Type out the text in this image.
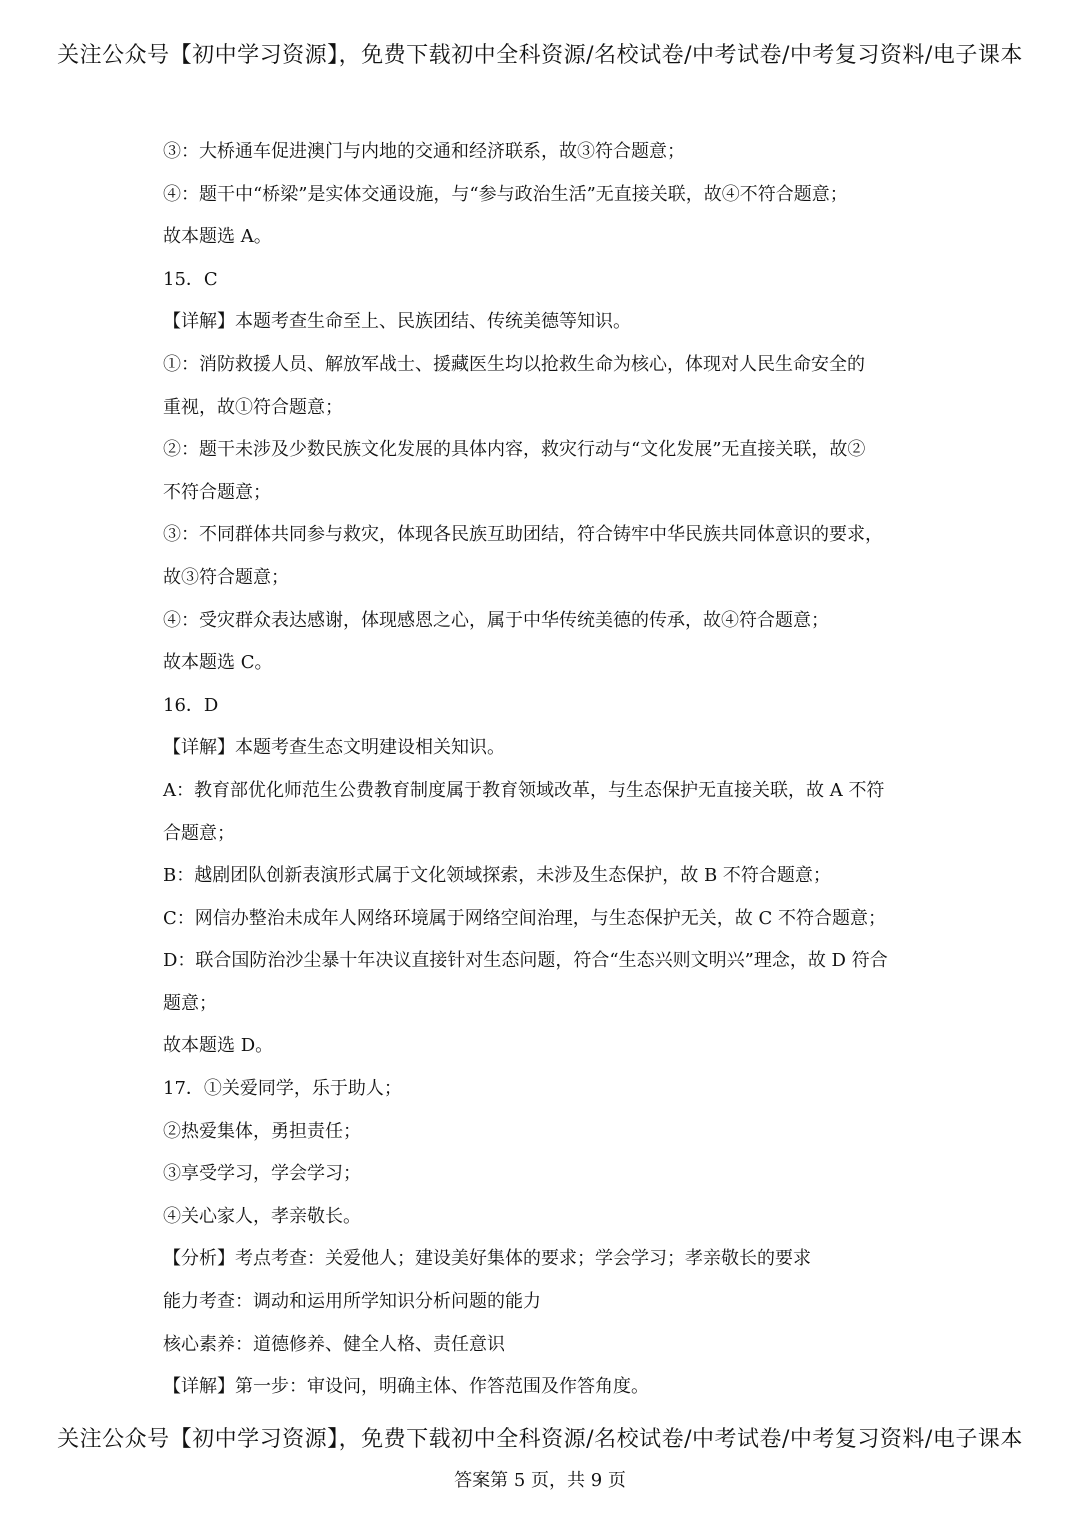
关注公众号【初中学习资源】，免费下载初中全科资源/名校试卷/中考试卷/中考复习资料/电子课本
③：大桥通车促进澳门与内地的交通和经济联系，故③符合题意；
④：题干中“桥梁”是实体交通设施，与“参与政治生活”无直接关联，故④不符合题意；
故本题选 A。
15．C
【详解】本题考查生命至上、民族团结、传统美德等知识。
①：消防救援人员、解放军战士、援藏医生均以抢救生命为核心，体现对人民生命安全的
重视，故①符合题意；
②：题干未涉及少数民族文化发展的具体内容，救灾行动与“文化发展”无直接关联，故②
不符合题意；
③：不同群体共同参与救灾，体现各民族互助团结，符合铸牢中华民族共同体意识的要求，
故③符合题意；
④：受灾群众表达感谢，体现感恩之心，属于中华传统美德的传承，故④符合题意；
故本题选 C。
16．D
【详解】本题考查生态文明建设相关知识。
A：教育部优化师范生公费教育制度属于教育领域改革，与生态保护无直接关联，故 A 不符
合题意；
B：越剧团队创新表演形式属于文化领域探索，未涉及生态保护，故 B 不符合题意；
C：网信办整治未成年人网络环境属于网络空间治理，与生态保护无关，故 C 不符合题意；
D：联合国防治沙尘暴十年决议直接针对生态问题，符合“生态兴则文明兴”理念，故 D 符合
题意；
故本题选 D。
17．①关爱同学，乐于助人；
②热爱集体，勇担责任；
③享受学习，学会学习；
④关心家人，孝亲敬长。
【分析】考点考查：关爱他人；建设美好集体的要求；学会学习；孝亲敬长的要求
能力考查：调动和运用所学知识分析问题的能力
核心素养：道德修养、健全人格、责任意识
【详解】第一步：审设问，明确主体、作答范围及作答角度。
关注公众号【初中学习资源】，免费下载初中全科资源/名校试卷/中考试卷/中考复习资料/电子课本
答案第 5 页，共 9 页
